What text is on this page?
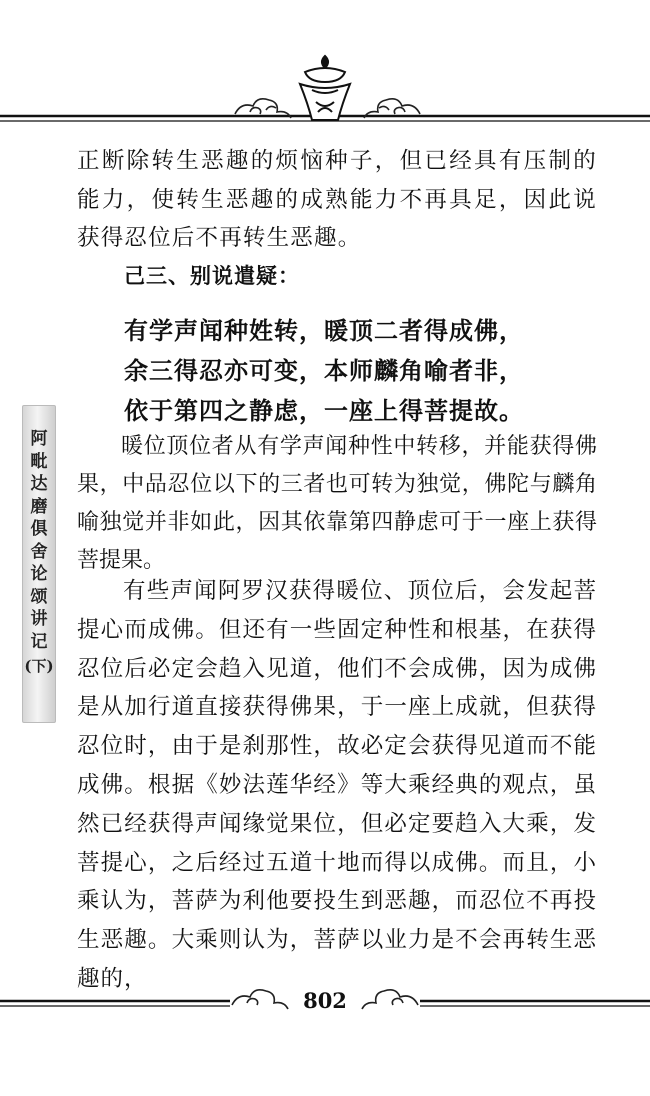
正断除转生恶趣的烦恼种子，但已经具有压制的能力，使转生恶趣的成熟能力不再具足，因此说获得忍位后不再转生恶趣。

己三、别说遣疑：

有学声闻种姓转，暖顶二者得成佛，

余三得忍亦可变，本师麟角喻者非，

依于第四之静虑，一座上得菩提故。

暖位顶位者从有学声闻种性中转移，并能获得佛果，中品忍位以下的三者也可转为独觉，佛陀与麟角喻独觉并非如此，因其依靠第四静虑可于一座上获得菩提果。

有些声闻阿罗汉获得暖位、顶位后，会发起菩提心而成佛。但还有一些固定种性和根基，在获得忍位后必定会趋入见道，他们不会成佛，因为成佛是从加行道直接获得佛果，于一座上成就，但获得忍位时，由于是刹那性，故必定会获得见道而不能成佛。根据《妙法莲华经》等大乘经典的观点，虽然已经获得声闻缘觉果位，但必定要趋入大乘，发菩提心，之后经过五道十地而得以成佛。而且，小乘认为，菩萨为利他要投生到恶趣，而忍位不再投生恶趣。大乘则认为，菩萨以业力是不会再转生恶趣的，

阿
毗
达
磨
俱
舍
论
颂
讲
记
(下)
802
